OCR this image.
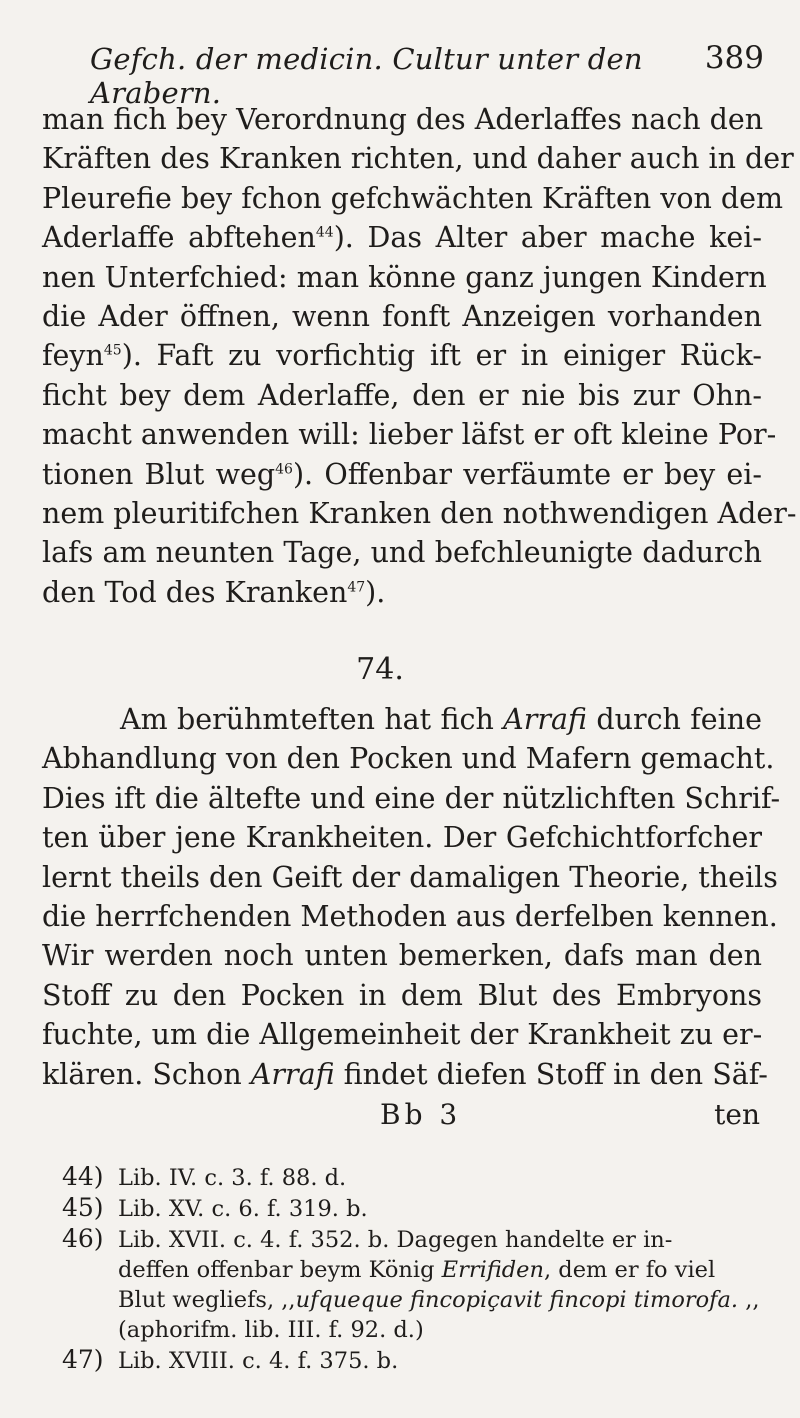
Gefch. der medicin. Cultur unter den Arabern.
389
man fich bey Verordnung des Aderlaffes nach den
Kräften des Kranken richten, und daher auch in der
Pleurefie bey fchon gefchwächten Kräften von dem
Aderlaffe abftehen$^{44}$). Das Alter aber mache kei-
nen Unterfchied: man könne ganz jungen Kindern
die Ader öffnen, wenn fonft Anzeigen vorhanden
feyn$^{45}$). Faft zu vorfichtig ift er in einiger Rück-
ficht bey dem Aderlaffe, den er nie bis zur Ohn-
macht anwenden will: lieber läfst er oft kleine Por-
tionen Blut weg$^{46}$). Offenbar verfäumte er bey ei-
nem pleuritifchen Kranken den nothwendigen Ader-
lafs am neunten Tage, und befchleunigte dadurch
den Tod des Kranken$^{47}$).
74.
Am berühmteften hat fich Arrafi durch feine
Abhandlung von den Pocken und Mafern gemacht.
Dies ift die ältefte und eine der nützlichften Schrif-
ten über jene Krankheiten. Der Gefchichtforfcher
lernt theils den Geift der damaligen Theorie, theils
die herrfchenden Methoden aus derfelben kennen.
Wir werden noch unten bemerken, dafs man den
Stoff zu den Pocken in dem Blut des Embryons
fuchte, um die Allgemeinheit der Krankheit zu er-
klären. Schon Arrafi findet diefen Stoff in den Säf-
Bb 3	ten
44) Lib. IV. c. 3. f. 88. d.
45) Lib. XV. c. 6. f. 319. b.
46) Lib. XVII. c. 4. f. 352. b. Dagegen handelte er in-
deffen offenbar beym König Errifiden, dem er fo viel
Blut wegliefs, ,,ufqueque fincopiçavit fincopi timorofa. ,,
(aphorifm. lib. III. f. 92. d.)
47) Lib. XVIII. c. 4. f. 375. b.
